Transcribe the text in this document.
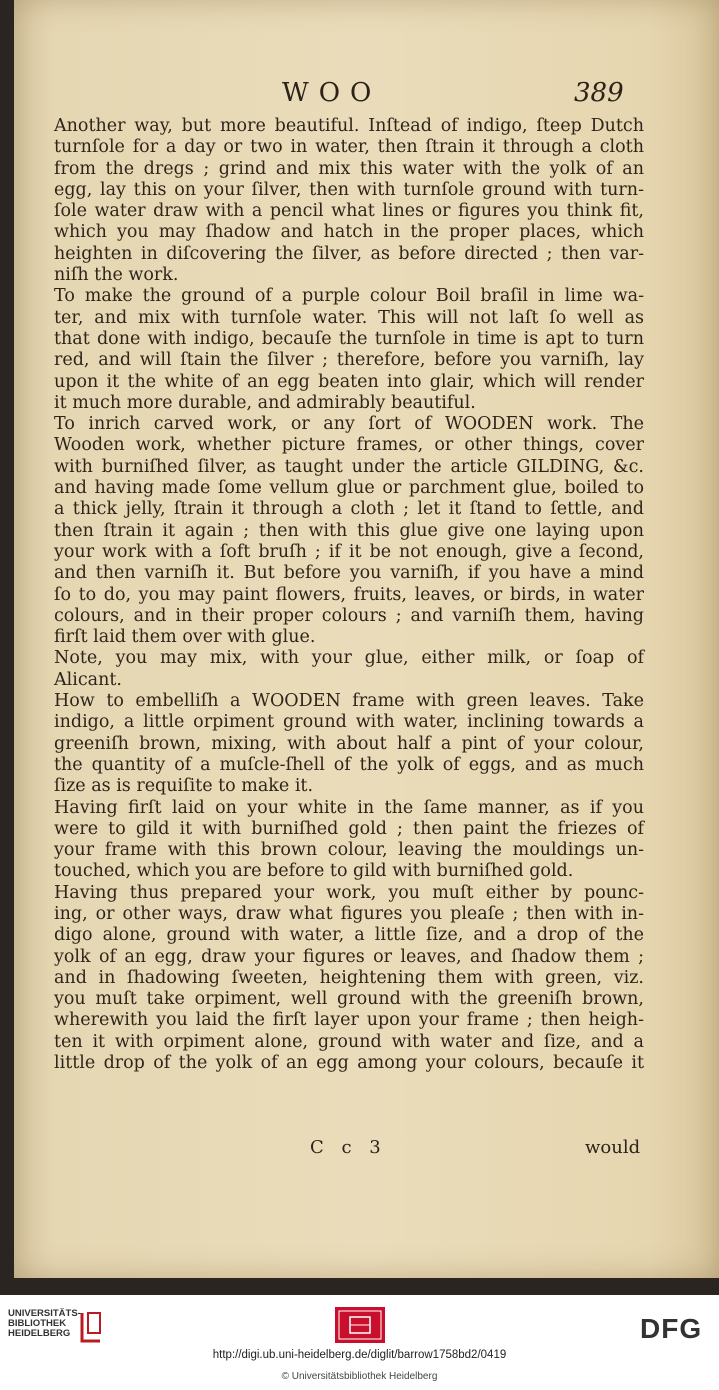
WOO	389
Another way, but more beautiful. Inſtead of indigo, ſteep Dutch
turnſole for a day or two in water, then ſtrain it through a cloth
from the dregs ; grind and mix this water with the yolk of an
egg, lay this on your ſilver, then with turnſole ground with turn-
ſole water draw with a pencil what lines or figures you think fit,
which you may ſhadow and hatch in the proper places, which
heighten in diſcovering the ſilver, as before directed ; then var-
niſh the work.
To make the ground of a purple colour Boil braſil in lime wa-
ter, and mix with turnſole water. This will not laſt ſo well as
that done with indigo, becauſe the turnſole in time is apt to turn
red, and will ſtain the ſilver ; therefore, before you varniſh, lay
upon it the white of an egg beaten into glair, which will render
it much more durable, and admirably beautiful.
To inrich carved work, or any ſort of WOODEN work. The
Wooden work, whether picture frames, or other things, cover
with burniſhed ſilver, as taught under the article GILDING, &c.
and having made ſome vellum glue or parchment glue, boiled to
a thick jelly, ſtrain it through a cloth ; let it ſtand to ſettle, and
then ſtrain it again ; then with this glue give one laying upon
your work with a ſoft bruſh ; if it be not enough, give a ſecond,
and then varniſh it. But before you varniſh, if you have a mind
ſo to do, you may paint flowers, fruits, leaves, or birds, in water
colours, and in their proper colours ; and varniſh them, having
firſt laid them over with glue.
Note, you may mix, with your glue, either milk, or ſoap of
Alicant.
How to embelliſh a WOODEN frame with green leaves. Take
indigo, a little orpiment ground with water, inclining towards a
greeniſh brown, mixing, with about half a pint of your colour,
the quantity of a muſcle-ſhell of the yolk of eggs, and as much
ſize as is requiſite to make it.
Having firſt laid on your white in the ſame manner, as if you
were to gild it with burniſhed gold ; then paint the friezes of
your frame with this brown colour, leaving the mouldings un-
touched, which you are before to gild with burniſhed gold.
Having thus prepared your work, you muſt either by pounc-
ing, or other ways, draw what figures you pleaſe ; then with in-
digo alone, ground with water, a little ſize, and a drop of the
yolk of an egg, draw your figures or leaves, and ſhadow them ;
and in ſhadowing ſweeten, heightening them with green, viz.
you muſt take orpiment, well ground with the greeniſh brown,
wherewith you laid the firſt layer upon your frame ; then heigh-
ten it with orpiment alone, ground with water and ſize, and a
little drop of the yolk of an egg among your colours, becauſe it
C c 3	would
UNIVERSITÄTS-
BIBLIOTHEK
HEIDELBERG	DFG
http://digi.ub.uni-heidelberg.de/diglit/barrow1758bd2/0419
© Universitätsbibliothek Heidelberg
